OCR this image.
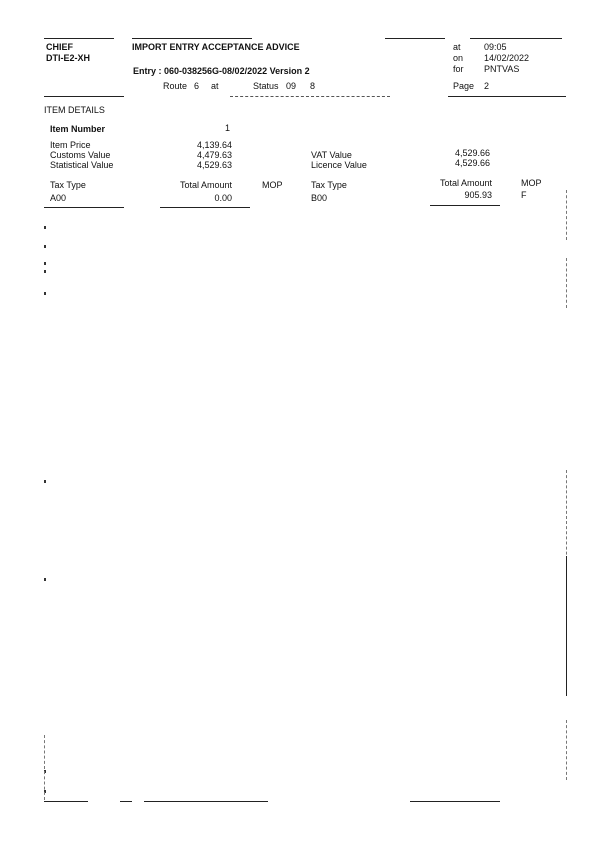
CHIEF
DTI-E2-XH
IMPORT ENTRY ACCEPTANCE ADVICE
Entry : 060-038256G-08/02/2022 Version 2
Route 6 at	Status 09 8
at	09:05
on 14/02/2022
for PNTVAS
Page 2
ITEM DETAILS
Item Number	1
Item Price	4,139.64
Customs Value	4,479.63
Statistical Value	4,529.63
VAT Value	4,529.66
Licence Value	4,529.66
Tax Type	Total Amount	MOP
A00	0.00
Tax Type	Total Amount	MOP
B00	905.93	F
